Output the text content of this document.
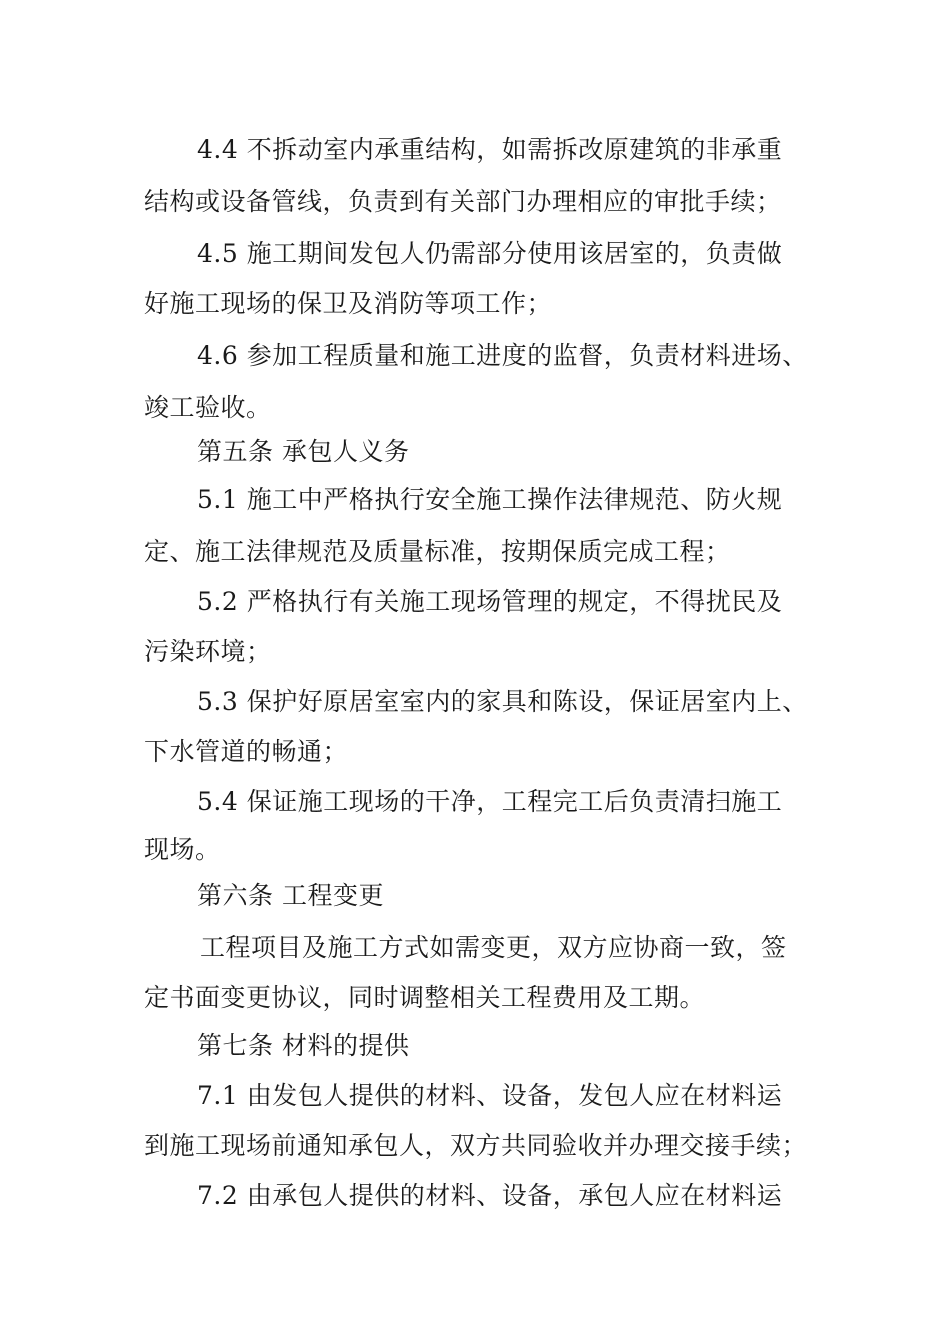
4.4 不拆动室内承重结构，如需拆改原建筑的非承重
结构或设备管线，负责到有关部门办理相应的审批手续；
4.5 施工期间发包人仍需部分使用该居室的，负责做
好施工现场的保卫及消防等项工作；
4.6 参加工程质量和施工进度的监督，负责材料进场、
竣工验收。
第五条 承包人义务
5.1 施工中严格执行安全施工操作法律规范、防火规
定、施工法律规范及质量标准，按期保质完成工程；
5.2 严格执行有关施工现场管理的规定，不得扰民及
污染环境；
5.3 保护好原居室室内的家具和陈设，保证居室内上、
下水管道的畅通；
5.4 保证施工现场的干净，工程完工后负责清扫施工
现场。
第六条 工程变更
工程项目及施工方式如需变更，双方应协商一致，签
定书面变更协议，同时调整相关工程费用及工期。
第七条 材料的提供
7.1 由发包人提供的材料、设备，发包人应在材料运
到施工现场前通知承包人，双方共同验收并办理交接手续；
7.2 由承包人提供的材料、设备，承包人应在材料运
